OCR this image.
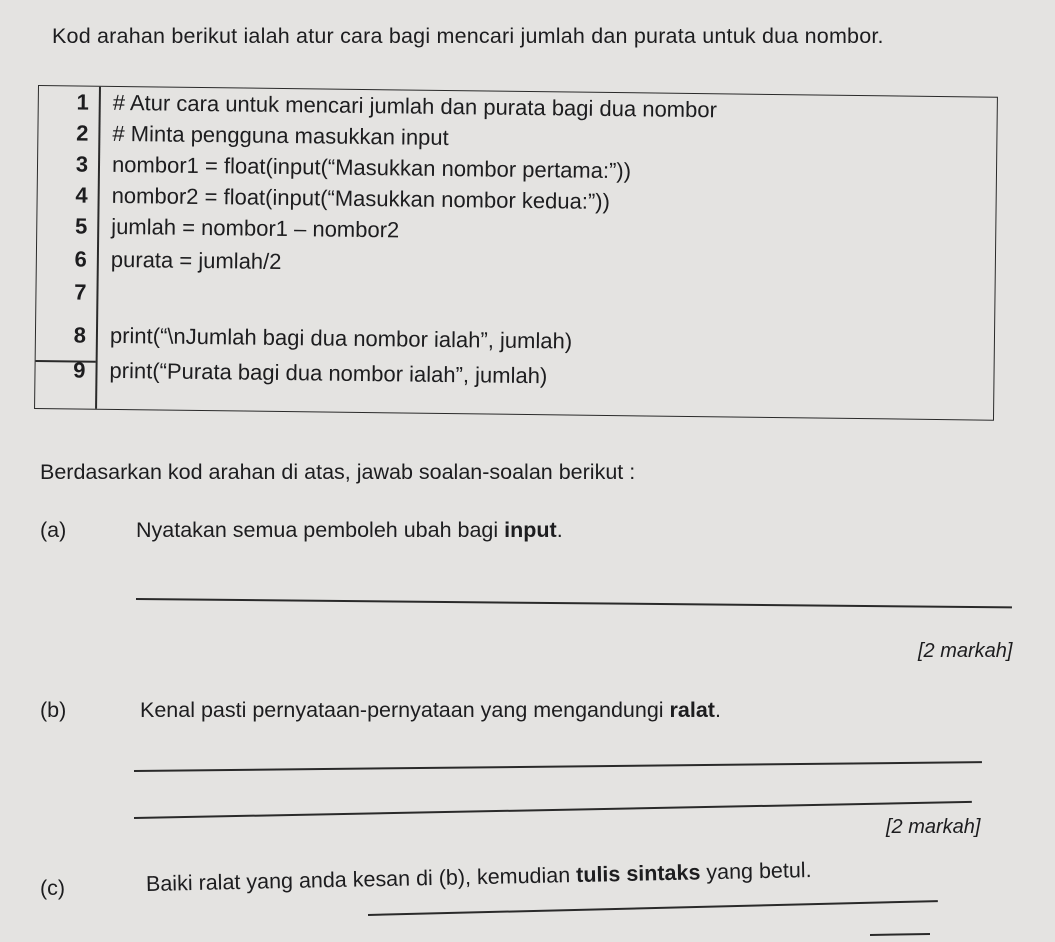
Kod arahan berikut ialah atur cara bagi mencari jumlah dan purata untuk dua nombor.
1 # Atur cara untuk mencari jumlah dan purata bagi dua nombor
2 # Minta pengguna masukkan input
3 nombor1 = float(input(“Masukkan nombor pertama:”))
4 nombor2 = float(input(“Masukkan nombor kedua:”))
5 jumlah = nombor1 – nombor2
6 purata = jumlah/2
7
8 print(“\nJumlah bagi dua nombor ialah”, jumlah)
9 print(“Purata bagi dua nombor ialah”, jumlah)
Berdasarkan kod arahan di atas, jawab soalan-soalan berikut :
(a)	Nyatakan semua pemboleh ubah bagi input.
[2 markah]
(b)	Kenal pasti pernyataan-pernyataan yang mengandungi ralat.
[2 markah]
(c)	Baiki ralat yang anda kesan di (b), kemudian tulis sintaks yang betul.
